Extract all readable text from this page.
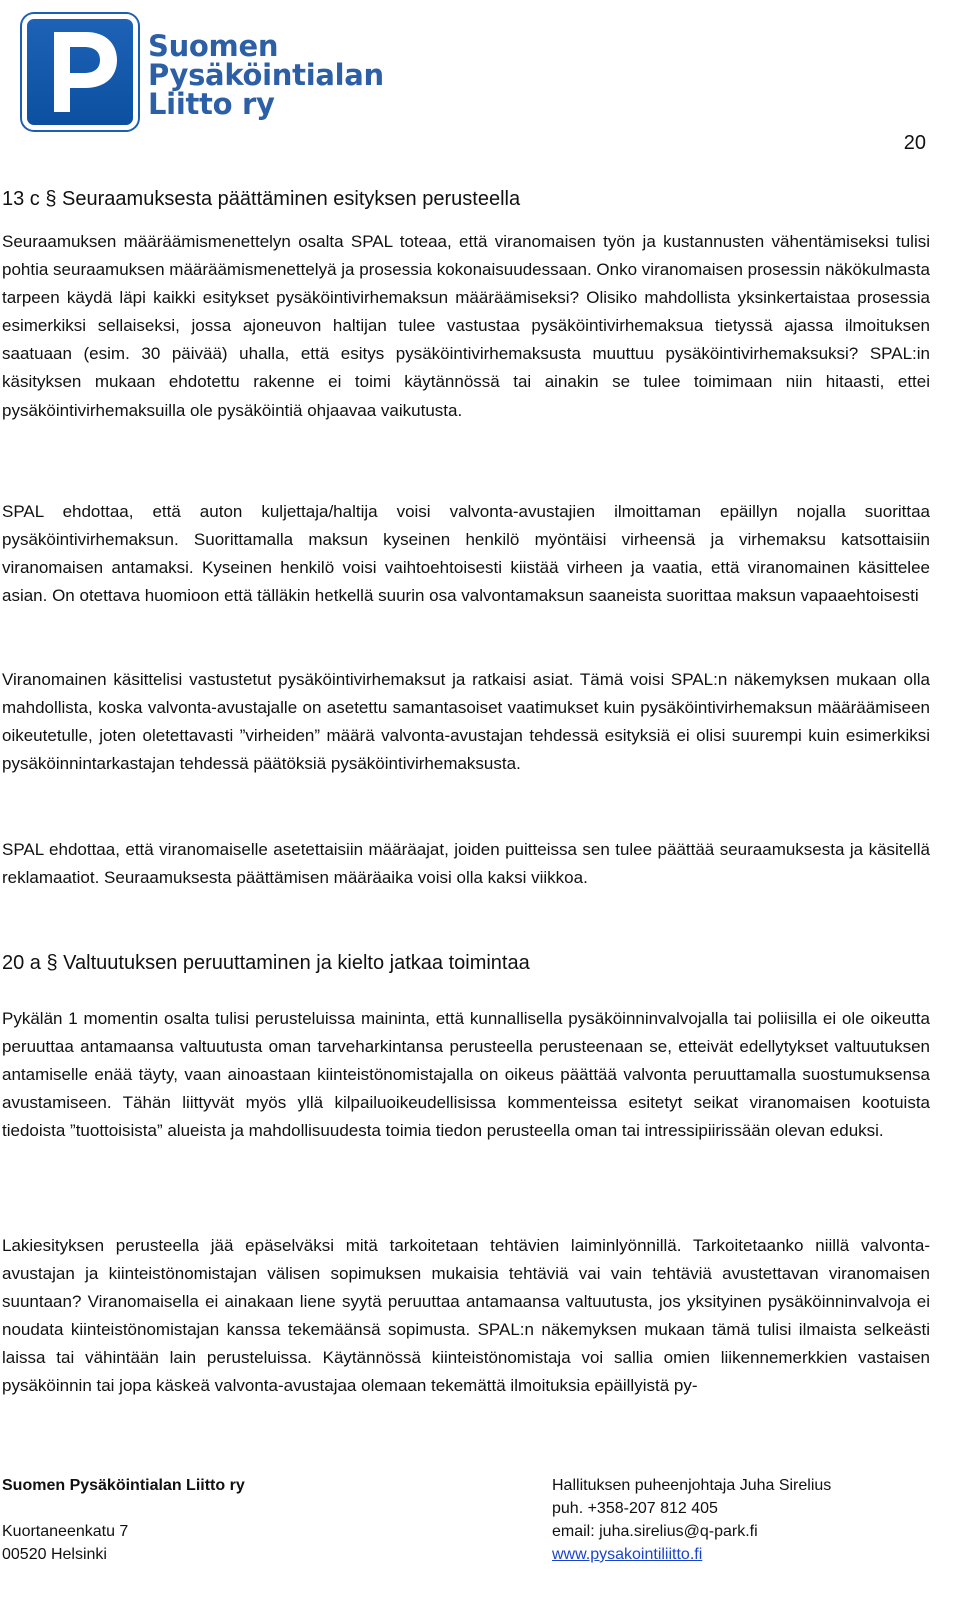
Suomen
Pysäköintialan
Liitto ry
20
13 c § Seuraamuksesta päättäminen esityksen perusteella

Seuraamuksen määräämismenettelyn osalta SPAL toteaa, että viranomaisen työn ja kustannusten vähentämiseksi tulisi pohtia seuraamuksen määräämismenettelyä ja prosessia kokonaisuudessaan. Onko viranomaisen prosessin näkökulmasta tarpeen käydä läpi kaikki esitykset pysäköintivirhemaksun määräämiseksi? Olisiko mahdollista yksinkertaistaa prosessia esimerkiksi sellaiseksi, jossa ajoneuvon haltijan tulee vastustaa pysäköintivirhemaksua tietyssä ajassa ilmoituksen saatuaan (esim. 30 päivää) uhalla, että esitys pysäköintivirhemaksusta muuttuu pysäköintivirhemaksuksi? SPAL:in käsityksen mukaan ehdotettu rakenne ei toimi käytännössä tai ainakin se tulee toimimaan niin hitaasti, ettei pysäköintivirhemaksuilla ole pysäköintiä ohjaavaa vaikutusta.

SPAL ehdottaa, että auton kuljettaja/haltija voisi valvonta-avustajien ilmoittaman epäillyn nojalla suorittaa pysäköintivirhemaksun. Suorittamalla maksun kyseinen henkilö myöntäisi virheensä ja virhemaksu katsottaisiin viranomaisen antamaksi. Kyseinen henkilö voisi vaihtoehtoisesti kiistää virheen ja vaatia, että viranomainen käsittelee asian. On otettava huomioon että tälläkin hetkellä suurin osa valvontamaksun saaneista suorittaa maksun vapaaehtoisesti

Viranomainen käsittelisi vastustetut pysäköintivirhemaksut ja ratkaisi asiat. Tämä voisi SPAL:n näkemyksen mukaan olla mahdollista, koska valvonta-avustajalle on asetettu samantasoiset vaatimukset kuin pysäköintivirhemaksun määräämiseen oikeutetulle, joten oletettavasti ”virheiden” määrä valvonta-avustajan tehdessä esityksiä ei olisi suurempi kuin esimerkiksi pysäköinnintarkastajan tehdessä päätöksiä pysäköintivirhemaksusta.

SPAL ehdottaa, että viranomaiselle asetettaisiin määräajat, joiden puitteissa sen tulee päättää seuraamuksesta ja käsitellä reklamaatiot. Seuraamuksesta päättämisen määräaika voisi olla kaksi viikkoa.

20 a § Valtuutuksen peruuttaminen ja kielto jatkaa toimintaa

Pykälän 1 momentin osalta tulisi perusteluissa maininta, että kunnallisella pysäköinninvalvojalla tai poliisilla ei ole oikeutta peruuttaa antamaansa valtuutusta oman tarveharkintansa perusteella perusteenaan se, etteivät edellytykset valtuutuksen antamiselle enää täyty, vaan ainoastaan kiinteistönomistajalla on oikeus päättää valvonta peruuttamalla suostumuksensa avustamiseen. Tähän liittyvät myös yllä kilpailuoikeudellisissa kommenteissa esitetyt seikat viranomaisen kootuista tiedoista ”tuottoisista” alueista ja mahdollisuudesta toimia tiedon perusteella oman tai intressipiirissään olevan eduksi.

Lakiesityksen perusteella jää epäselväksi mitä tarkoitetaan tehtävien laiminlyönnillä. Tarkoitetaanko niillä valvonta-avustajan ja kiinteistönomistajan välisen sopimuksen mukaisia tehtäviä vai vain tehtäviä avustettavan viranomaisen suuntaan? Viranomaisella ei ainakaan liene syytä peruuttaa antamaansa valtuutusta, jos yksityinen pysäköinninvalvoja ei noudata kiinteistönomistajan kanssa tekemäänsä sopimusta. SPAL:n näkemyksen mukaan tämä tulisi ilmaista selkeästi laissa tai vähintään lain perusteluissa. Käytännössä kiinteistönomistaja voi sallia omien liikennemerkkien vastaisen pysäköinnin tai jopa käskeä valvonta-avustajaa olemaan tekemättä ilmoituksia epäillyistä py-

Suomen Pysäköintialan Liitto ry
Kuortaneenkatu 7
00520 Helsinki
Hallituksen puheenjohtaja Juha Sirelius
puh. +358-207 812 405
email: juha.sirelius@q-park.fi
www.pysakointiliitto.fi
